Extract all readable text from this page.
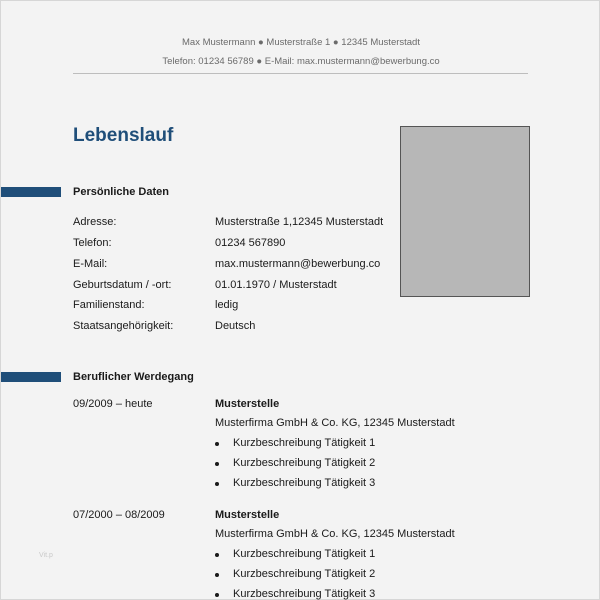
Max Mustermann ● Musterstraße 1 ● 12345 Musterstadt
Telefon: 01234 56789 ● E-Mail: max.mustermann@bewerbung.co
Lebenslauf
Persönliche Daten
Adresse:	Musterstraße 1,12345 Musterstadt
Telefon:	01234 567890
E-Mail:	max.mustermann@bewerbung.co
Geburtsdatum / -ort:	01.01.1970 / Musterstadt
Familienstand:	ledig
Staatsangehörigkeit:	Deutsch
Beruflicher Werdegang
09/2009 – heute	Musterstelle
Musterfirma GmbH & Co. KG, 12345 Musterstadt
Kurzbeschreibung Tätigkeit 1
Kurzbeschreibung Tätigkeit 2
Kurzbeschreibung Tätigkeit 3
07/2000 – 08/2009	Musterstelle
Musterfirma GmbH & Co. KG, 12345 Musterstadt
Kurzbeschreibung Tätigkeit 1
Kurzbeschreibung Tätigkeit 2
Kurzbeschreibung Tätigkeit 3
Vit.p
